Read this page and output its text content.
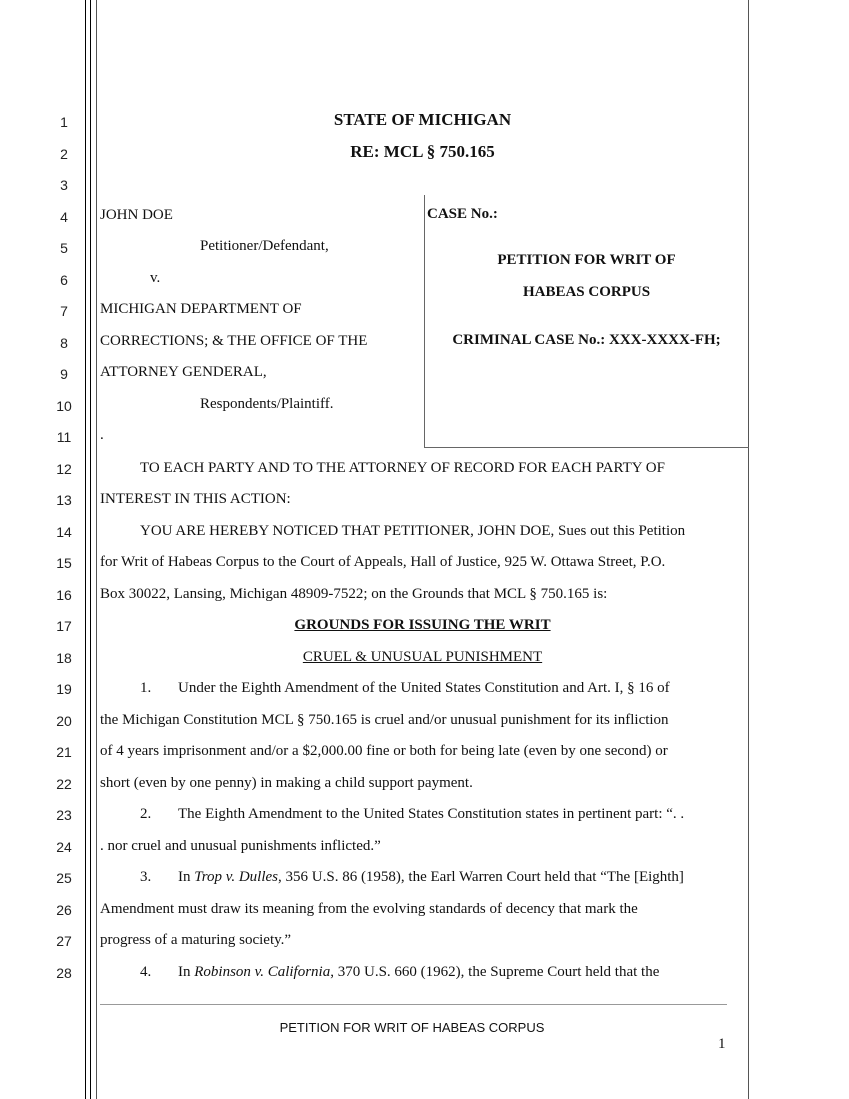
1
2
3
4
5
6
7
8
9
10
11
12
13
14
15
16
17
18
19
20
21
22
23
24
25
26
27
28
STATE OF MICHIGAN
RE: MCL § 750.165
JOHN DOE
Petitioner/Defendant,
v.
MICHIGAN DEPARTMENT OF
CORRECTIONS; & THE OFFICE OF THE
ATTORNEY GENDERAL,
Respondents/Plaintiff.
.
CASE No.:
PETITION FOR WRIT OF
HABEAS CORPUS
CRIMINAL CASE No.: XXX-XXXX-FH;
TO EACH PARTY AND TO THE ATTORNEY OF RECORD FOR EACH PARTY OF
INTEREST IN THIS ACTION:
YOU ARE HEREBY NOTICED THAT PETITIONER, JOHN DOE, Sues out this Petition
for Writ of Habeas Corpus to the Court of Appeals, Hall of Justice, 925 W. Ottawa Street, P.O.
Box 30022, Lansing, Michigan 48909-7522; on the Grounds that MCL § 750.165 is:
GROUNDS FOR ISSUING THE WRIT
CRUEL & UNUSUAL PUNISHMENT
1. Under the Eighth Amendment of the United States Constitution and Art. I, § 16 of
the Michigan Constitution MCL § 750.165 is cruel and/or unusual punishment for its infliction
of 4 years imprisonment and/or a $2,000.00 fine or both for being late (even by one second) or
short (even by one penny) in making a child support payment.
2. The Eighth Amendment to the United States Constitution states in pertinent part: “. .
. nor cruel and unusual punishments inflicted.”
3. In Trop v. Dulles, 356 U.S. 86 (1958), the Earl Warren Court held that “The [Eighth]
Amendment must draw its meaning from the evolving standards of decency that mark the
progress of a maturing society.”
4. In Robinson v. California, 370 U.S. 660 (1962), the Supreme Court held that the
PETITION FOR WRIT OF HABEAS CORPUS
1
